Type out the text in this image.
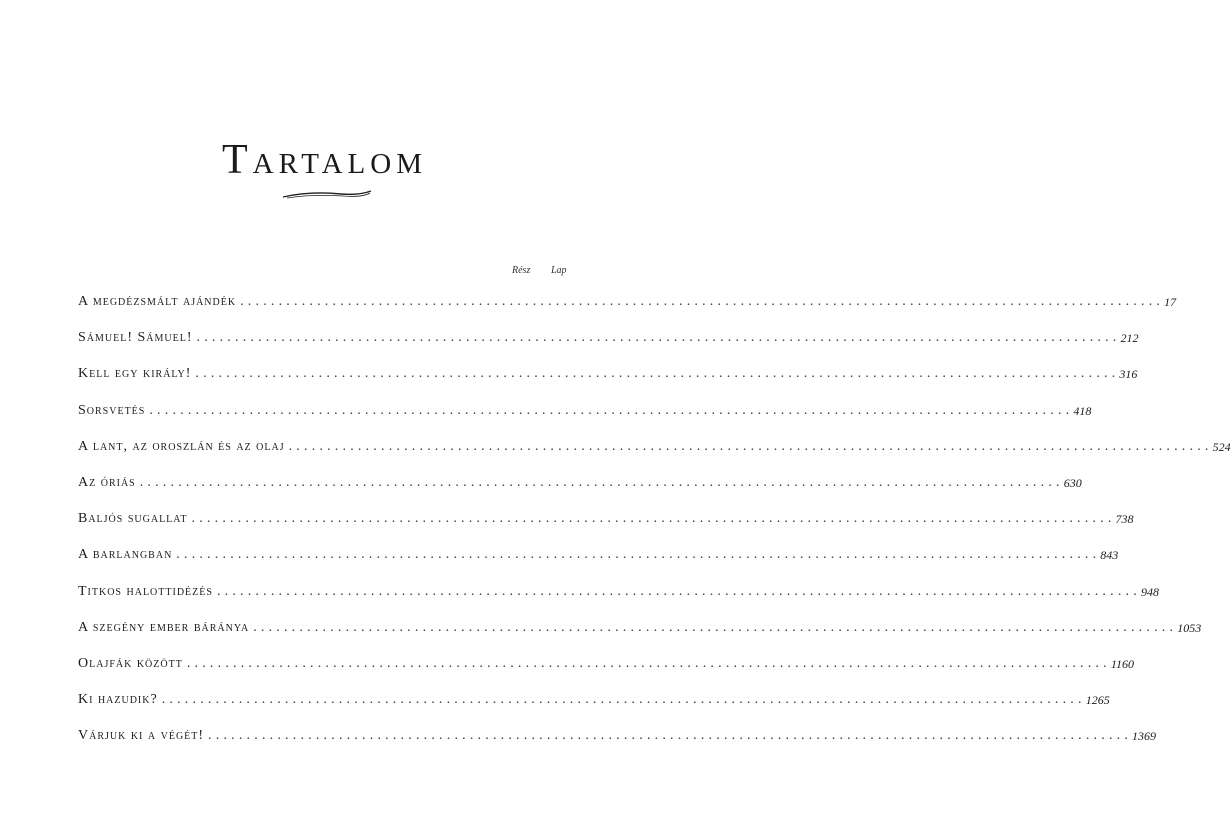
Tartalom
Rész Lap
A megdézsmált ajándék ........................................................................................................................ 1 7
Sámuel! Sámuel! ........................................................................................................................ 2 12
Kell egy király! ........................................................................................................................ 3 16
Sorsvetés ........................................................................................................................ 4 18
A lant, az oroszlán és az olaj ........................................................................................................................ 5 24
Az óriás ........................................................................................................................ 6 30
Baljós sugallat ........................................................................................................................ 7 38
A barlangban ........................................................................................................................ 8 43
Titkos halottidézés ........................................................................................................................ 9 48
A szegény ember báránya ........................................................................................................................ 10 53
Olajfák között ........................................................................................................................ 11 60
Ki hazudik? ........................................................................................................................ 12 65
Várjuk ki a végét! ........................................................................................................................ 13 69
